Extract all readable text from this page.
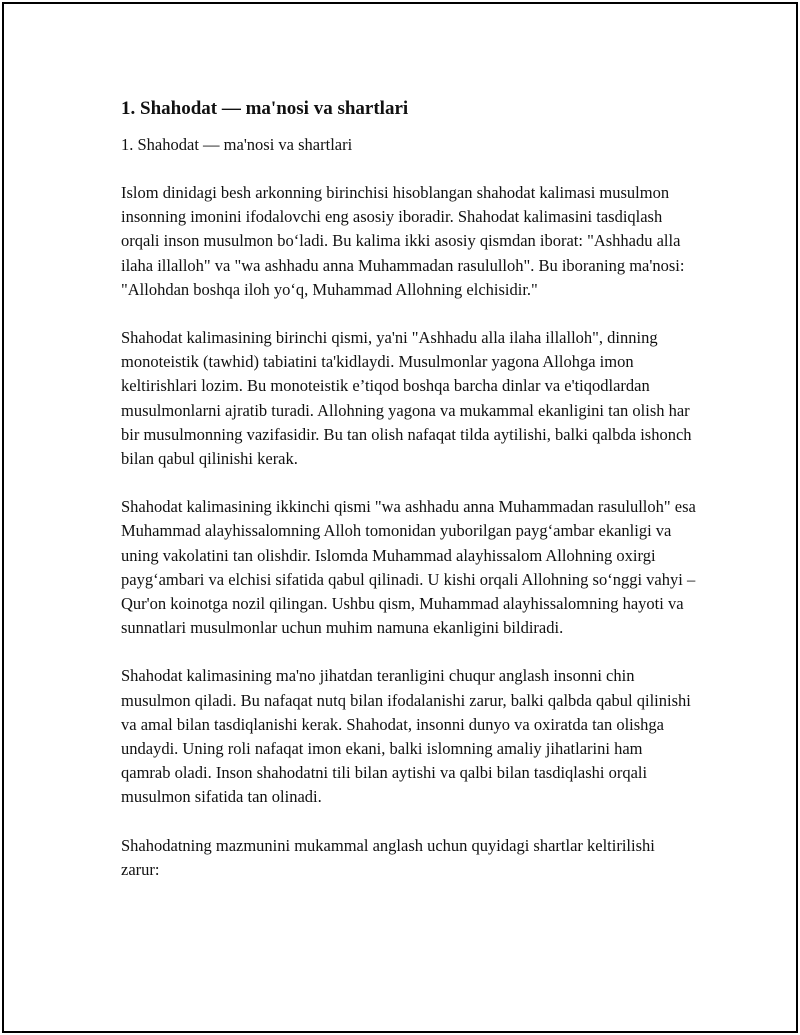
1. Shahodat — ma'nosi va shartlari
1. Shahodat — ma'nosi va shartlari

Islom dinidagi besh arkonning birinchisi hisoblangan shahodat kalimasi musulmon insonning imonini ifodalovchi eng asosiy iboradir. Shahodat kalimasini tasdiqlash orqali inson musulmon bo‘ladi. Bu kalima ikki asosiy qismdan iborat: "Ashhadu alla ilaha illalloh" va "wa ashhadu anna Muhammadan rasululloh". Bu iboraning ma'nosi: "Allohdan boshqa iloh yo‘q, Muhammad Allohning elchisidir."

Shahodat kalimasining birinchi qismi, ya'ni "Ashhadu alla ilaha illalloh", dinning monoteistik (tawhid) tabiatini ta'kidlaydi. Musulmonlar yagona Allohga imon keltirishlari lozim. Bu monoteistik e’tiqod boshqa barcha dinlar va e'tiqodlardan musulmonlarni ajratib turadi. Allohning yagona va mukammal ekanligini tan olish har bir musulmonning vazifasidir. Bu tan olish nafaqat tilda aytilishi, balki qalbda ishonch bilan qabul qilinishi kerak.

Shahodat kalimasining ikkinchi qismi "wa ashhadu anna Muhammadan rasululloh" esa Muhammad alayhissalomning Alloh tomonidan yuborilgan payg‘ambar ekanligi va uning vakolatini tan olishdir. Islomda Muhammad alayhissalom Allohning oxirgi payg‘ambari va elchisi sifatida qabul qilinadi. U kishi orqali Allohning so‘nggi vahyi – Qur'on koinotga nozil qilingan. Ushbu qism, Muhammad alayhissalomning hayoti va sunnatlari musulmonlar uchun muhim namuna ekanligini bildiradi.

Shahodat kalimasining ma'no jihatdan teranligini chuqur anglash insonni chin musulmon qiladi. Bu nafaqat nutq bilan ifodalanishi zarur, balki qalbda qabul qilinishi va amal bilan tasdiqlanishi kerak. Shahodat, insonni dunyo va oxiratda tan olishga undaydi. Uning roli nafaqat imon ekani, balki islomning amaliy jihatlarini ham qamrab oladi. Inson shahodatni tili bilan aytishi va qalbi bilan tasdiqlashi orqali musulmon sifatida tan olinadi.

Shahodatning mazmunini mukammal anglash uchun quyidagi shartlar keltirilishi zarur:
